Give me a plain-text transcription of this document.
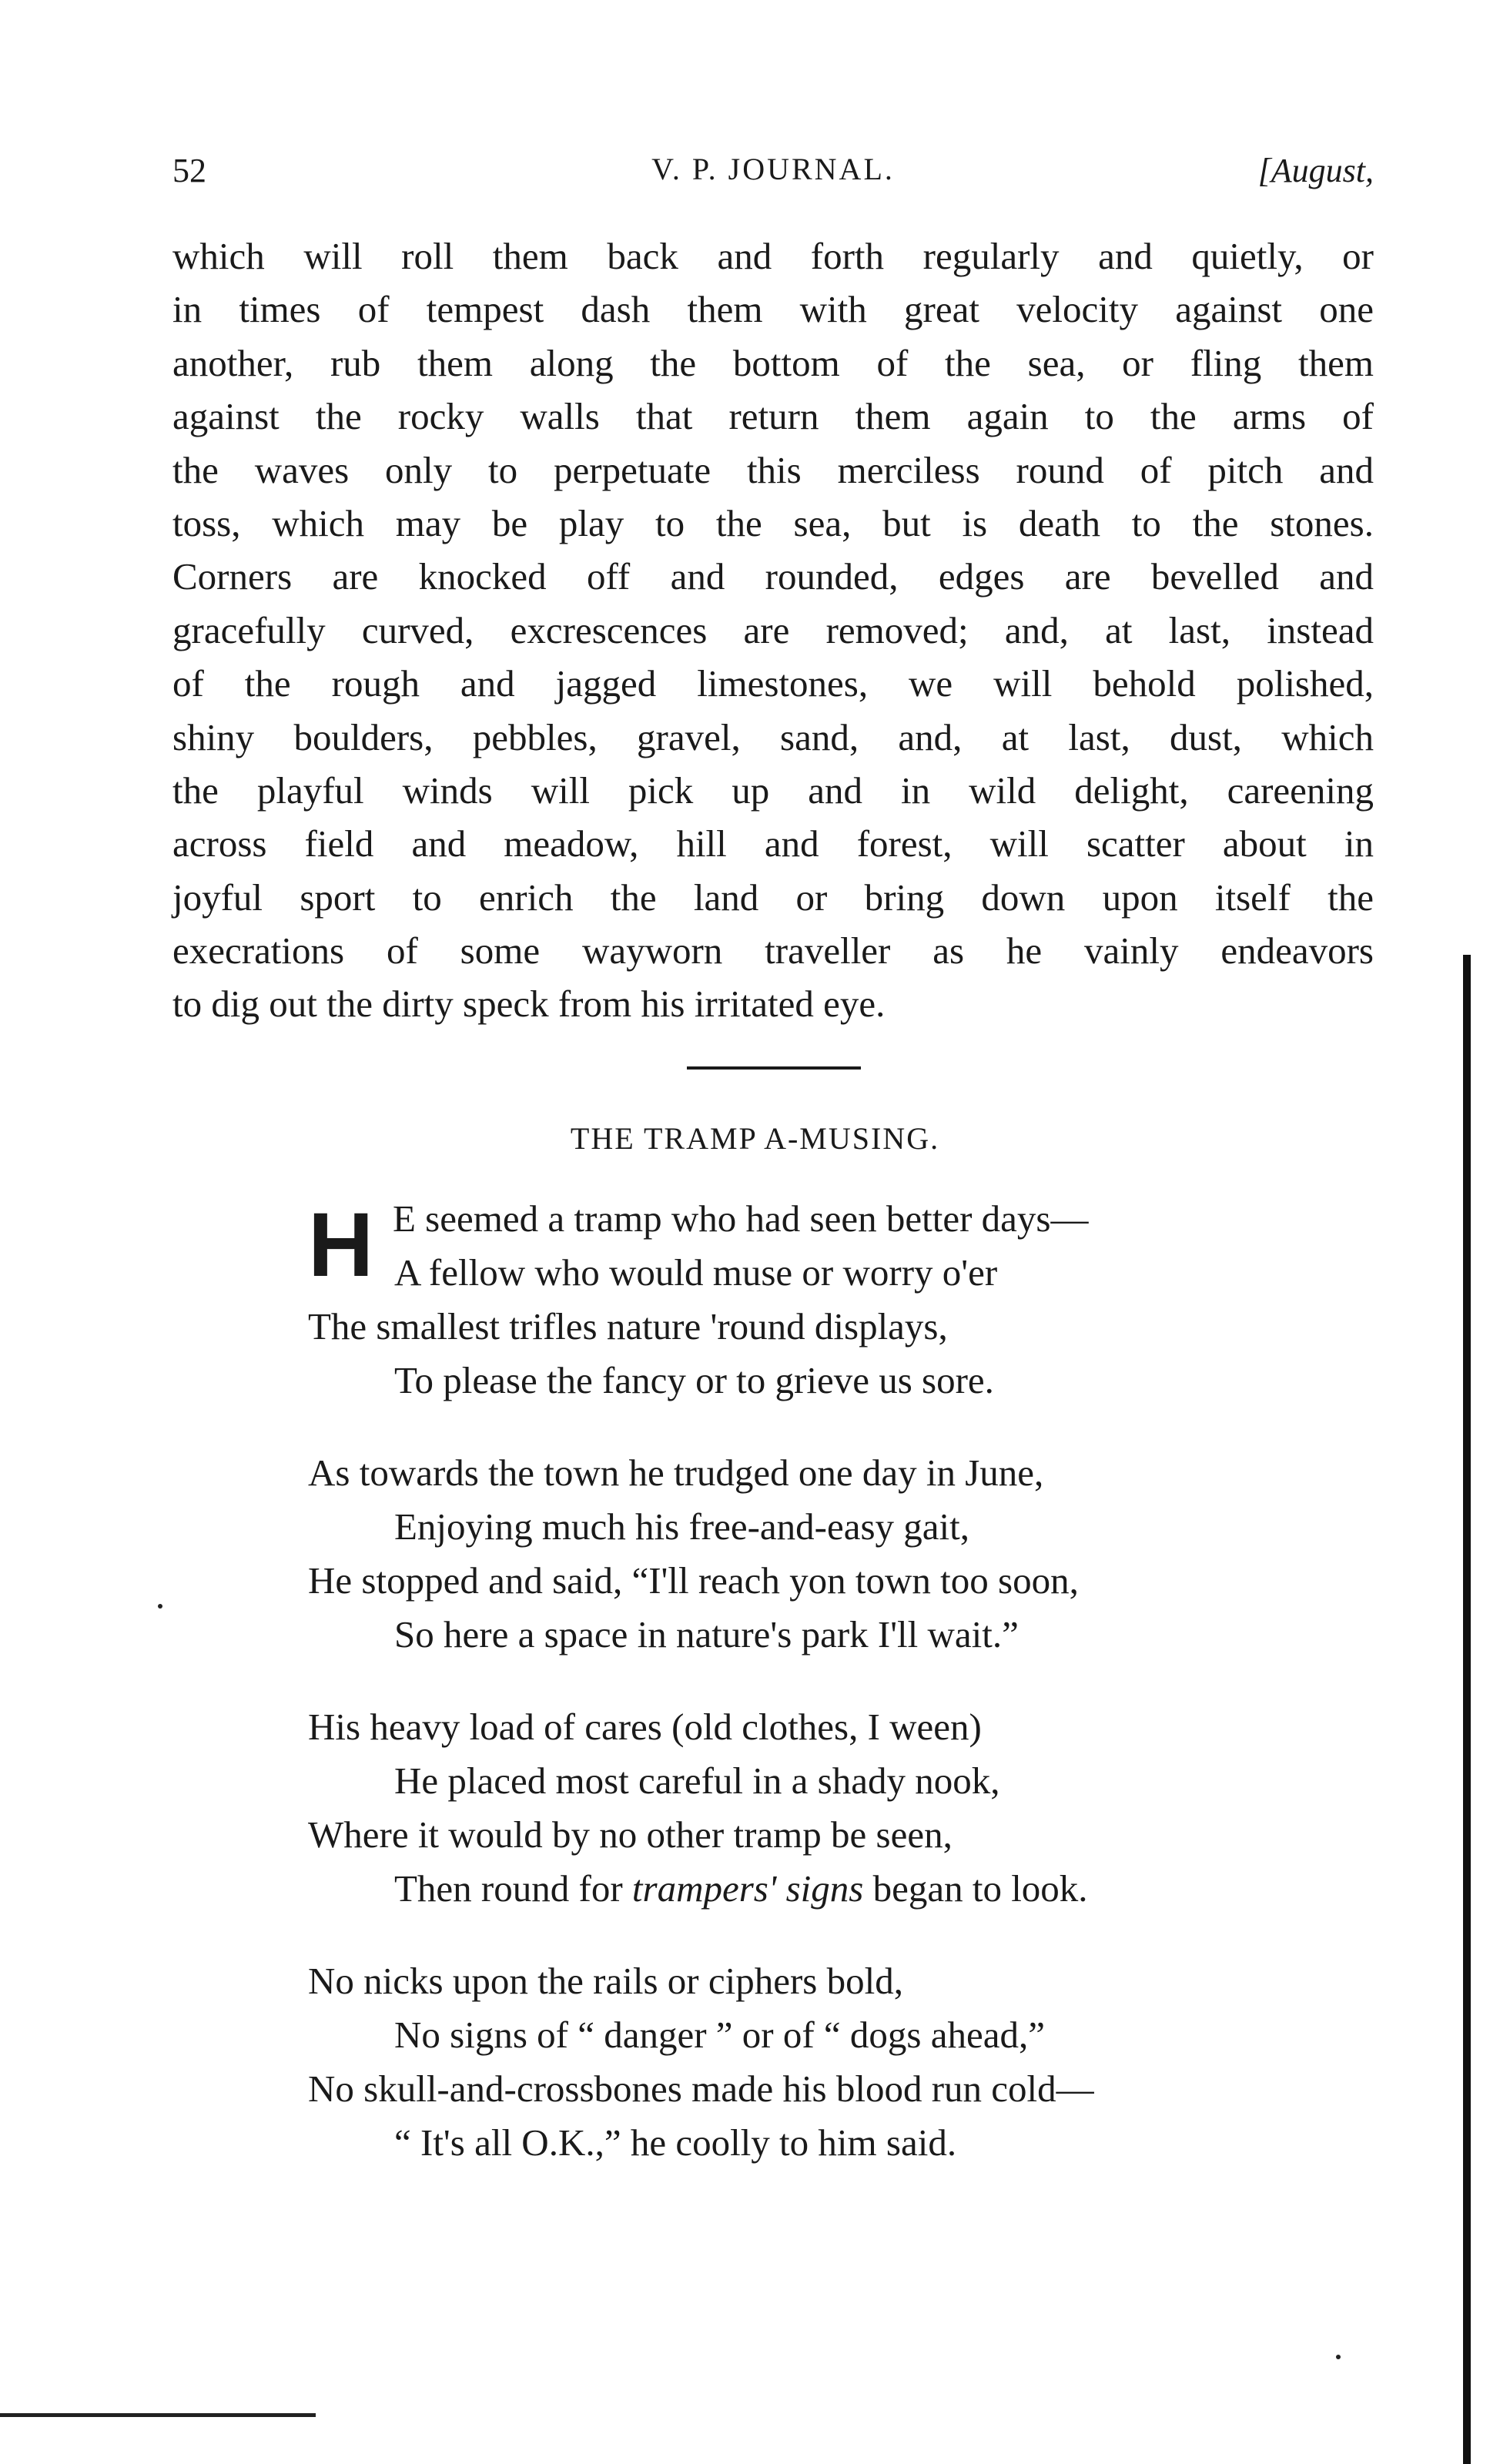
52	V. P. JOURNAL.	[August,
which will roll them back and forth regularly and quietly, or
in times of tempest dash them with great velocity against one
another, rub them along the bottom of the sea, or fling them
against the rocky walls that return them again to the arms of
the waves only to perpetuate this merciless round of pitch and
toss, which may be play to the sea, but is death to the stones.
Corners are knocked off and rounded, edges are bevelled and
gracefully curved, excrescences are removed; and, at last, instead
of the rough and jagged limestones, we will behold polished,
shiny boulders, pebbles, gravel, sand, and, at last, dust, which
the playful winds will pick up and in wild delight, careening
across field and meadow, hill and forest, will scatter about in
joyful sport to enrich the land or bring down upon itself the
execrations of some wayworn traveller as he vainly endeavors
to dig out the dirty speck from his irritated eye.
THE TRAMP A-MUSING.
H E seemed a tramp who had seen better days—
A fellow who would muse or worry o'er
The smallest trifles nature 'round displays,
To please the fancy or to grieve us sore.
As towards the town he trudged one day in June,
Enjoying much his free-and-easy gait,
He stopped and said, “I'll reach yon town too soon,
So here a space in nature's park I'll wait.”
His heavy load of cares (old clothes, I ween)
He placed most careful in a shady nook,
Where it would by no other tramp be seen,
Then round for trampers' signs began to look.
No nicks upon the rails or ciphers bold,
No signs of “ danger ” or of “ dogs ahead,”
No skull-and-crossbones made his blood run cold—
“ It's all O.K.,” he coolly to him said.
